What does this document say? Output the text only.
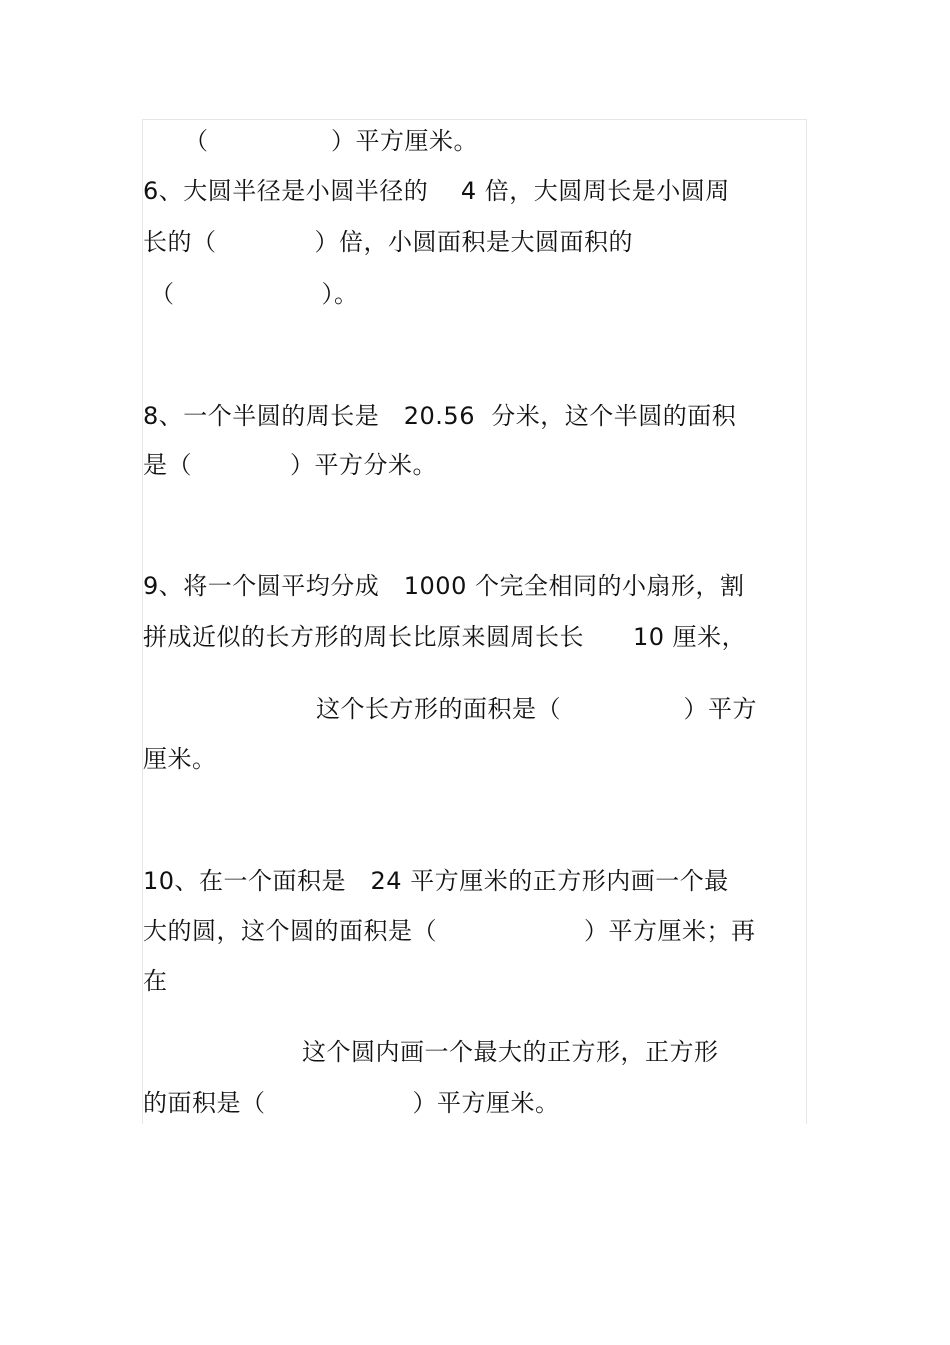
（　　　　　）平方厘米。
6、大圆半径是小圆半径的　 4 倍，大圆周长是小圆周
长的（　　　　）倍，小圆面积是大圆面积的
（　　　　　　）。
8、一个半圆的周长是　20.56  分米，这个半圆的面积
是（　　　　）平方分米。
9、将一个圆平均分成　1000 个完全相同的小扇形，割
拼成近似的长方形的周长比原来圆周长长　　10 厘米，
这个长方形的面积是（　　　　　）平方
厘米。
10、在一个面积是　24 平方厘米的正方形内画一个最
大的圆，这个圆的面积是（　　　　　　）平方厘米；再
在
这个圆内画一个最大的正方形，正方形
的面积是（　　　　　　）平方厘米。
